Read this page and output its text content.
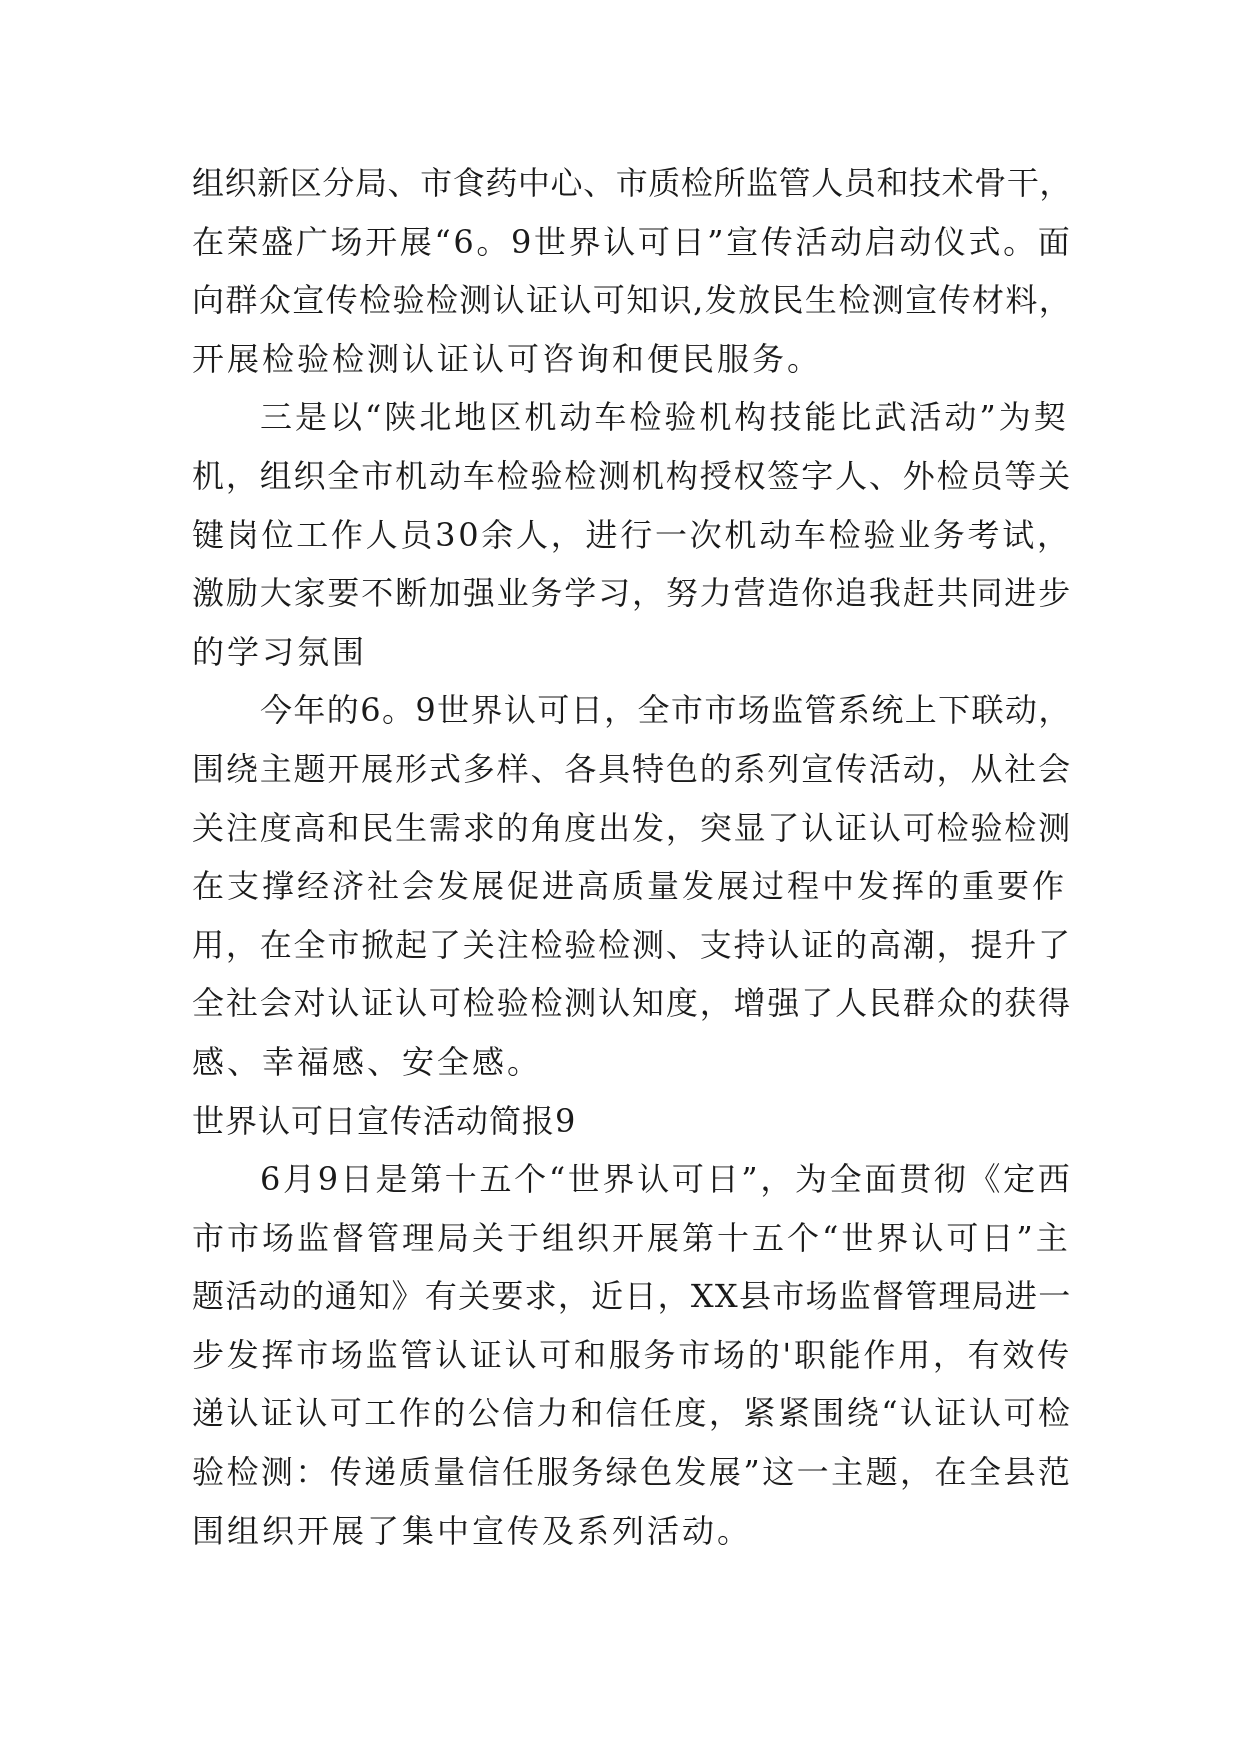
组织新区分局、市食药中心、市质检所监管人员和技术骨干，
在荣盛广场开展“6。9世界认可日”宣传活动启动仪式。面
向群众宣传检验检测认证认可知识,发放民生检测宣传材料，
开展检验检测认证认可咨询和便民服务。
三是以“陕北地区机动车检验机构技能比武活动”为契
机，组织全市机动车检验检测机构授权签字人、外检员等关
键岗位工作人员30余人，进行一次机动车检验业务考试，
激励大家要不断加强业务学习，努力营造你追我赶共同进步
的学习氛围
今年的6。9世界认可日，全市市场监管系统上下联动，
围绕主题开展形式多样、各具特色的系列宣传活动，从社会
关注度高和民生需求的角度出发，突显了认证认可检验检测
在支撑经济社会发展促进高质量发展过程中发挥的重要作
用，在全市掀起了关注检验检测、支持认证的高潮，提升了
全社会对认证认可检验检测认知度，增强了人民群众的获得
感、幸福感、安全感。
世界认可日宣传活动简报9
6月9日是第十五个“世界认可日”，为全面贯彻《定西
市市场监督管理局关于组织开展第十五个“世界认可日”主
题活动的通知》有关要求，近日，XX县市场监督管理局进一
步发挥市场监管认证认可和服务市场的'职能作用，有效传
递认证认可工作的公信力和信任度，紧紧围绕“认证认可检
验检测：传递质量信任服务绿色发展”这一主题，在全县范
围组织开展了集中宣传及系列活动。
